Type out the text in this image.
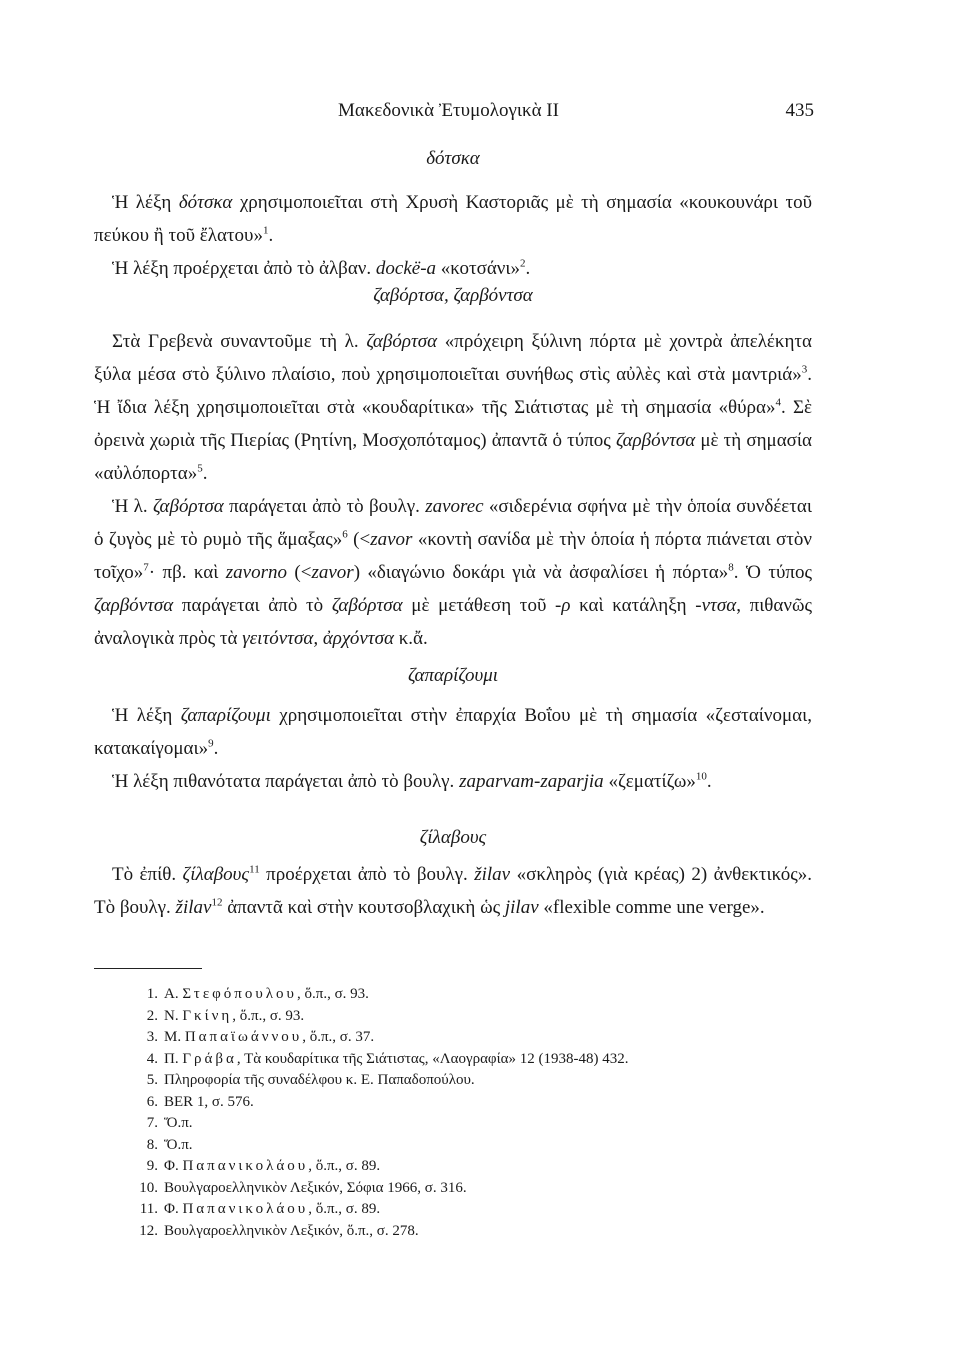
Μακεδονικὰ Ἐτυμολογικὰ II	435
δότσκα

Ἡ λέξη δότσκα χρησιμοποιεῖται στὴ Χρυσὴ Καστοριᾶς μὲ τὴ σημασία «κουκουνάρι τοῦ πεύκου ἢ τοῦ ἔλατου»$^1$.

Ἡ λέξη προέρχεται ἀπὸ τὸ ἀλβαν. dockë-a «κοτσάνι»$^2$.

ζαβόρτσα, ζαρβόντσα

Στὰ Γρεβενὰ συναντοῦμε τὴ λ. ζαβόρτσα «πρόχειρη ξύλινη πόρτα μὲ χοντρὰ ἀπελέκητα ξύλα μέσα στὸ ξύλινο πλαίσιο, ποὺ χρησιμοποιεῖται συνήθως στὶς αὐλὲς καὶ στὰ μαντριά»$^3$. Ἡ ἴδια λέξη χρησιμοποιεῖται στὰ «κουδαρίτικα» τῆς Σιάτιστας μὲ τὴ σημασία «θύρα»$^4$. Σὲ ὀρεινὰ χωριὰ τῆς Πιερίας (Ρητίνη, Μοσχοπόταμος) ἀπαντᾶ ὁ τύπος ζαρβόντσα μὲ τὴ σημασία «αὐλόπορτα»$^5$.

Ἡ λ. ζαβόρτσα παράγεται ἀπὸ τὸ βουλγ. zavorec «σιδερένια σφήνα μὲ τὴν ὁποία συνδέεται ὁ ζυγὸς μὲ τὸ ρυμὸ τῆς ἅμαξας»$^6$ (<zavor «κοντὴ σανίδα μὲ τὴν ὁποία ἡ πόρτα πιάνεται στὸν τοῖχο»$^7$· πβ. καὶ zavorno (<zavor) «διαγώνιο δοκάρι γιὰ νὰ ἀσφαλίσει ἡ πόρτα»$^8$. Ὁ τύπος ζαρβόντσα παράγεται ἀπὸ τὸ ζαβόρτσα μὲ μετάθεση τοῦ -ρ καὶ κατάληξη -ντσα, πιθανῶς ἀναλογικὰ πρὸς τὰ γειτόντσα, ἀρχόντσα κ.ἄ.

ζαπαρίζουμι

Ἡ λέξη ζαπαρίζουμι χρησιμοποιεῖται στὴν ἐπαρχία Βοΐου μὲ τὴ σημασία «ζεσταίνομαι, κατακαίγομαι»$^9$.

Ἡ λέξη πιθανότατα παράγεται ἀπὸ τὸ βουλγ. zaparvam-zaparjia «ζεματίζω»$^{10}$.

ζίλαβους

Τὸ ἐπίθ. ζίλαβους$^{11}$ προέρχεται ἀπὸ τὸ βουλγ. žilav «σκληρὸς (γιὰ κρέας) 2) ἀνθεκτικός». Τὸ βουλγ. žilav$^{12}$ ἀπαντᾶ καὶ στὴν κουτσοβλαχικὴ ὡς jilav «flexible comme une verge».

1. Α. Στεφόπουλου, ὅ.π., σ. 93.
2. Ν. Γκίνη, ὅ.π., σ. 93.
3. Μ. Παπαϊωάννου, ὅ.π., σ. 37.
4. Π. Γράβα, Τὰ κουδαρίτικα τῆς Σιάτιστας, «Λαογραφία» 12 (1938-48) 432.
5. Πληροφορία τῆς συναδέλφου κ. Ε. Παπαδοπούλου.
6. BER 1, σ. 576.
7. Ὅ.π.
8. Ὅ.π.
9. Φ. Παπανικολάου, ὅ.π., σ. 89.
10. Βουλγαροελληνικὸν Λεξικόν, Σόφια 1966, σ. 316.
11. Φ. Παπανικολάου, ὅ.π., σ. 89.
12. Βουλγαροελληνικὸν Λεξικόν, ὅ.π., σ. 278.
